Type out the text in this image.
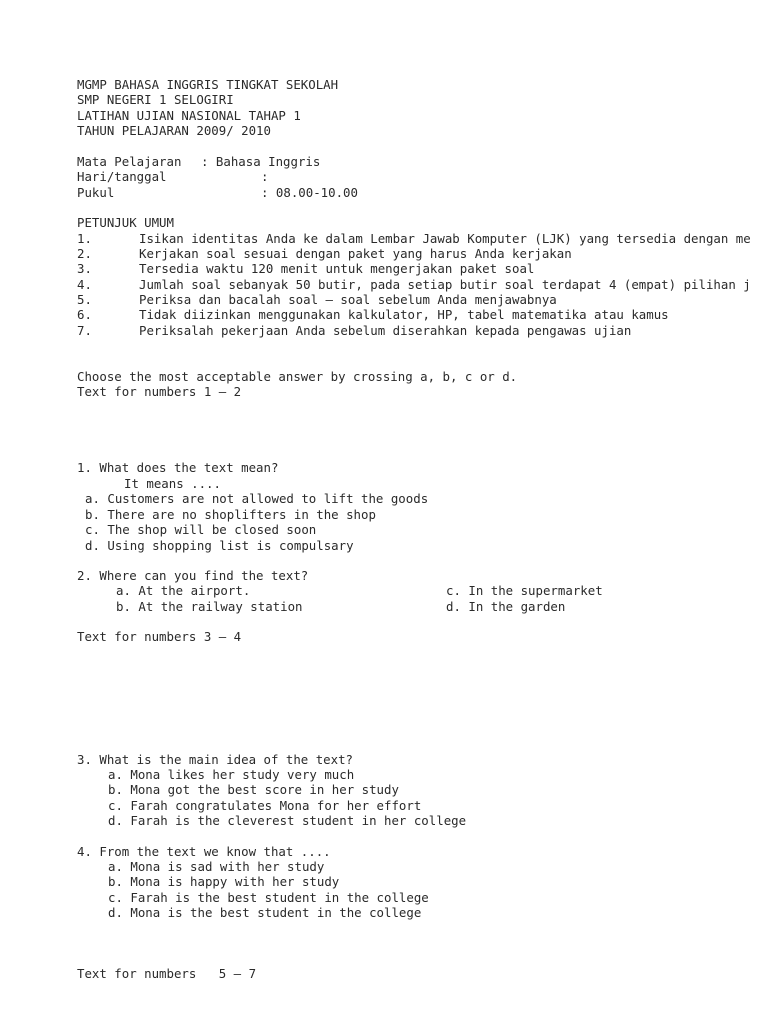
MGMP BAHASA INGGRIS TINGKAT SEKOLAH
SMP NEGERI 1 SELOGIRI
LATIHAN UJIAN NASIONAL TAHAP 1
TAHUN PELAJARAN 2009/ 2010
Mata Pelajaran : Bahasa Inggris
Hari/tanggal	:
Pukul	: 08.00-10.00
PETUNJUK UMUM
1.	Isikan identitas Anda ke dalam Lembar Jawab Komputer (LJK) yang tersedia dengan me
2.	Kerjakan soal sesuai dengan paket yang harus Anda kerjakan
3.	Tersedia waktu 120 menit untuk mengerjakan paket soal
4.	Jumlah soal sebanyak 50 butir, pada setiap butir soal terdapat 4 (empat) pilihan j
5.	Periksa dan bacalah soal – soal sebelum Anda menjawabnya
6.	Tidak diizinkan menggunakan kalkulator, HP, tabel matematika atau kamus
7.	Periksalah pekerjaan Anda sebelum diserahkan kepada pengawas ujian
Choose the most acceptable answer by crossing a, b, c or d.
Text for numbers 1 – 2
1. What does the text mean?
It means ....
a. Customers are not allowed to lift the goods
b. There are no shoplifters in the shop
c. The shop will be closed soon
d. Using shopping list is compulsary
2. Where can you find the text?
a. At the airport.
b. At the railway station
c. In the supermarket
d. In the garden
Text for numbers 3 – 4
3. What is the main idea of the text?
a. Mona likes her study very much
b. Mona got the best score in her study
c. Farah congratulates Mona for her effort
d. Farah is the cleverest student in her college
4. From the text we know that ....
a. Mona is sad with her study
b. Mona is happy with her study
c. Farah is the best student in the college
d. Mona is the best student in the college
Text for numbers   5 – 7
